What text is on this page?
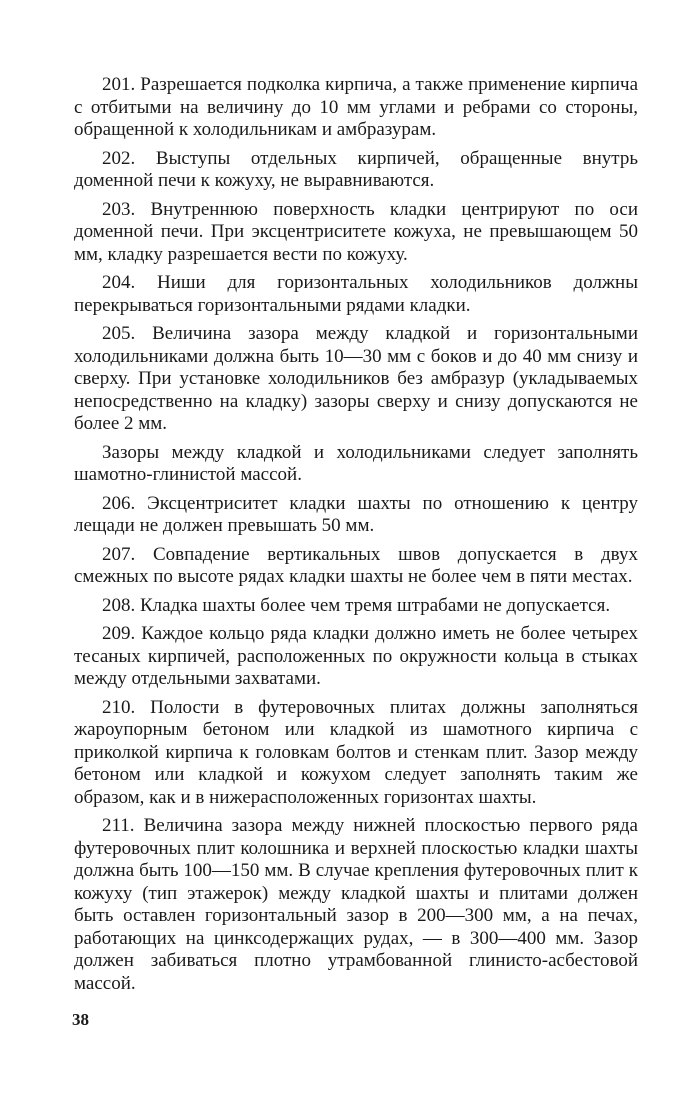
201. Разрешается подколка кирпича, а также применение кирпича с отбитыми на величину до 10 мм углами и ребрами со стороны, обращенной к холодильникам и амбразурам.

202. Выступы отдельных кирпичей, обращенные внутрь доменной печи к кожуху, не выравниваются.

203. Внутреннюю поверхность кладки центрируют по оси доменной печи. При эксцентриситете кожуха, не превышающем 50 мм, кладку разрешается вести по кожуху.

204. Ниши для горизонтальных холодильников должны перекрываться горизонтальными рядами кладки.

205. Величина зазора между кладкой и горизонтальными холодильниками должна быть 10—30 мм с боков и до 40 мм снизу и сверху. При установке холодильников без амбразур (укладываемых непосредственно на кладку) зазоры сверху и снизу допускаются не более 2 мм.

Зазоры между кладкой и холодильниками следует заполнять шамотно-глинистой массой.

206. Эксцентриситет кладки шахты по отношению к центру лещади не должен превышать 50 мм.

207. Совпадение вертикальных швов допускается в двух смежных по высоте рядах кладки шахты не более чем в пяти местах.

208. Кладка шахты более чем тремя штрабами не допускается.

209. Каждое кольцо ряда кладки должно иметь не более четырех тесаных кирпичей, расположенных по окружности кольца в стыках между отдельными захватами.

210. Полости в футеровочных плитах должны заполняться жароупорным бетоном или кладкой из шамотного кирпича с приколкой кирпича к головкам болтов и стенкам плит. Зазор между бетоном или кладкой и кожухом следует заполнять таким же образом, как и в нижерасположенных горизонтах шахты.

211. Величина зазора между нижней плоскостью первого ряда футеровочных плит колошника и верхней плоскостью кладки шахты должна быть 100—150 мм. В случае крепления футеровочных плит к кожуху (тип этажерок) между кладкой шахты и плитами должен быть оставлен горизонтальный зазор в 200—300 мм, а на печах, работающих на цинксодержащих рудах, — в 300—400 мм. Зазор должен забиваться плотно утрамбованной глинисто-асбестовой массой.

38
